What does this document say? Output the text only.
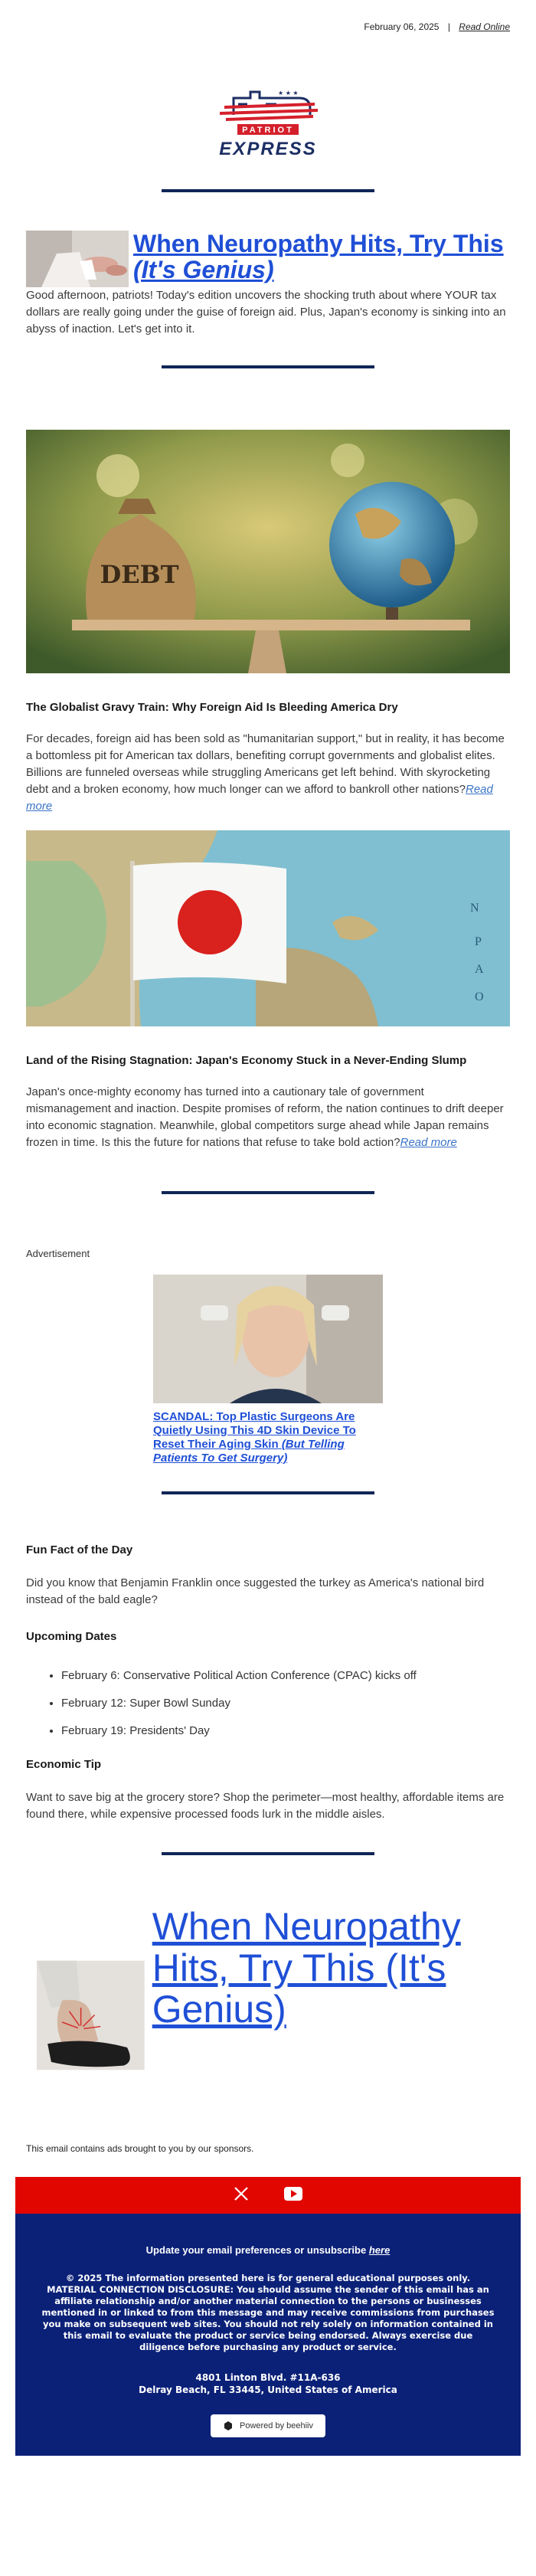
February 06, 2025 | Read Online
★ ★ ★
PATRIOT
EXPRESS
When Neuropathy Hits, Try This
(It's Genius)

Good afternoon, patriots! Today's edition uncovers the shocking truth about where YOUR tax dollars are really going under the guise of foreign aid. Plus, Japan's economy is sinking into an abyss of inaction. Let's get into it.

DEBT
The Globalist Gravy Train: Why Foreign Aid Is Bleeding America Dry

For decades, foreign aid has been sold as "humanitarian support," but in reality, it has become a bottomless pit for American tax dollars, benefiting corrupt governments and globalist elites. Billions are funneled overseas while struggling Americans get left behind. With skyrocketing debt and a broken economy, how much longer can we afford to bankroll other nations?Read more

N
P
A
O
Land of the Rising Stagnation: Japan's Economy Stuck in a Never-Ending Slump

Japan's once-mighty economy has turned into a cautionary tale of government mismanagement and inaction. Despite promises of reform, the nation continues to drift deeper into economic stagnation. Meanwhile, global competitors surge ahead while Japan remains frozen in time. Is this the future for nations that refuse to take bold action?Read more

Advertisement
SCANDAL: Top Plastic Surgeons Are Quietly Using This 4D Skin Device To Reset Their Aging Skin (But Telling Patients To Get Surgery)
Fun Fact of the Day

Did you know that Benjamin Franklin once suggested the turkey as America's national bird instead of the bald eagle?

Upcoming Dates
• February 6: Conservative Political Action Conference (CPAC) kicks off
• February 12: Super Bowl Sunday
• February 19: Presidents' Day
Economic Tip

Want to save big at the grocery store? Shop the perimeter—most healthy, affordable items are found there, while expensive processed foods lurk in the middle aisles.

When Neuropathy Hits, Try This (It's Genius)
This email contains ads brought to you by our sponsors.
Update your email preferences or unsubscribe here
© 2025 The information presented here is for general educational purposes only. MATERIAL CONNECTION DISCLOSURE: You should assume the sender of this email has an affiliate relationship and/or another material connection to the persons or businesses mentioned in or linked to from this message and may receive commissions from purchases you make on subsequent web sites. You should not rely solely on information contained in this email to evaluate the product or service being endorsed. Always exercise due diligence before purchasing any product or service.
4801 Linton Blvd. #11A-636
Delray Beach, FL 33445, United States of America
Powered by beehiiv
